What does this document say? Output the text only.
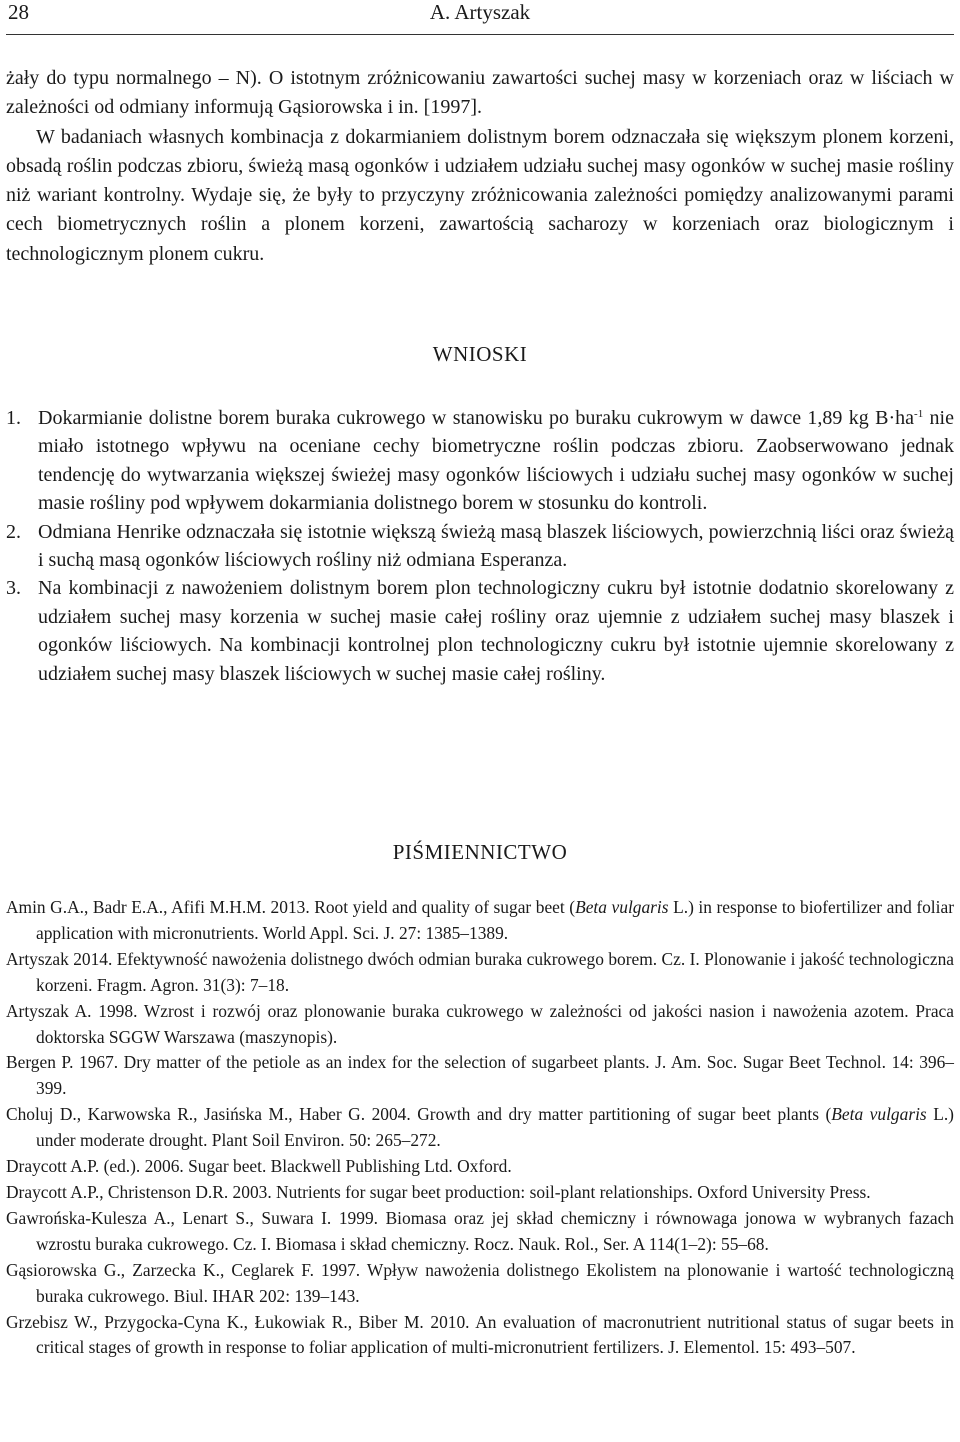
28	A. Artyszak

żały do typu normalnego – N). O istotnym zróżnicowaniu zawartości suchej masy w korzeniach oraz w liściach w zależności od odmiany informują Gąsiorowska i in. [1997].

W badaniach własnych kombinacja z dokarmianiem dolistnym borem odznaczała się większym plonem korzeni, obsadą roślin podczas zbioru, świeżą masą ogonków i udziałem udziału suchej masy ogonków w suchej masie rośliny niż wariant kontrolny. Wydaje się, że były to przyczyny zróżnicowania zależności pomiędzy analizowanymi parami cech biometrycznych roślin a plonem korzeni, zawartością sacharozy w korzeniach oraz biologicznym i technologicznym plonem cukru.

WNIOSKI

1. Dokarmianie dolistne borem buraka cukrowego w stanowisku po buraku cukrowym w dawce 1,89 kg $B\cdot ha^{-1}$ nie miało istotnego wpływu na oceniane cechy biometryczne roślin podczas zbioru. Zaobserwowano jednak tendencję do wytwarzania większej świeżej masy ogonków liściowych i udziału suchej masy ogonków w suchej masie rośliny pod wpływem dokarmiania dolistnego borem w stosunku do kontroli.

2. Odmiana Henrike odznaczała się istotnie większą świeżą masą blaszek liściowych, powierzchnią liści oraz świeżą i suchą masą ogonków liściowych rośliny niż odmiana Esperanza.

3. Na kombinacji z nawożeniem dolistnym borem plon technologiczny cukru był istotnie dodatnio skorelowany z udziałem suchej masy korzenia w suchej masie całej rośliny oraz ujemnie z udziałem suchej masy blaszek i ogonków liściowych. Na kombinacji kontrolnej plon technologiczny cukru był istotnie ujemnie skorelowany z udziałem suchej masy blaszek liściowych w suchej masie całej rośliny.

PIŚMIENNICTWO

Amin G.A., Badr E.A., Afifi M.H.M. 2013. Root yield and quality of sugar beet (Beta vulgaris L.) in response to biofertilizer and foliar application with micronutrients. World Appl. Sci. J. 27: 1385–1389.

Artyszak 2014. Efektywność nawożenia dolistnego dwóch odmian buraka cukrowego borem. Cz. I. Plonowanie i jakość technologiczna korzeni. Fragm. Agron. 31(3): 7–18.

Artyszak A. 1998. Wzrost i rozwój oraz plonowanie buraka cukrowego w zależności od jakości nasion i nawożenia azotem. Praca doktorska SGGW Warszawa (maszynopis).

Bergen P. 1967. Dry matter of the petiole as an index for the selection of sugarbeet plants. J. Am. Soc. Sugar Beet Technol. 14: 396–399.

Choluj D., Karwowska R., Jasińska M., Haber G. 2004. Growth and dry matter partitioning of sugar beet plants (Beta vulgaris L.) under moderate drought. Plant Soil Environ. 50: 265–272.

Draycott A.P. (ed.). 2006. Sugar beet. Blackwell Publishing Ltd. Oxford.

Draycott A.P., Christenson D.R. 2003. Nutrients for sugar beet production: soil-plant relationships. Oxford University Press.

Gawrońska-Kulesza A., Lenart S., Suwara I. 1999. Biomasa oraz jej skład chemiczny i równowaga jonowa w wybranych fazach wzrostu buraka cukrowego. Cz. I. Biomasa i skład chemiczny. Rocz. Nauk. Rol., Ser. A 114(1–2): 55–68.

Gąsiorowska G., Zarzecka K., Ceglarek F. 1997. Wpływ nawożenia dolistnego Ekolistem na plonowanie i wartość technologiczną buraka cukrowego. Biul. IHAR 202: 139–143.

Grzebisz W., Przygocka-Cyna K., Łukowiak R., Biber M. 2010. An evaluation of macronutrient nutritional status of sugar beets in critical stages of growth in response to foliar application of multi-micronutrient fertilizers. J. Elementol. 15: 493–507.
